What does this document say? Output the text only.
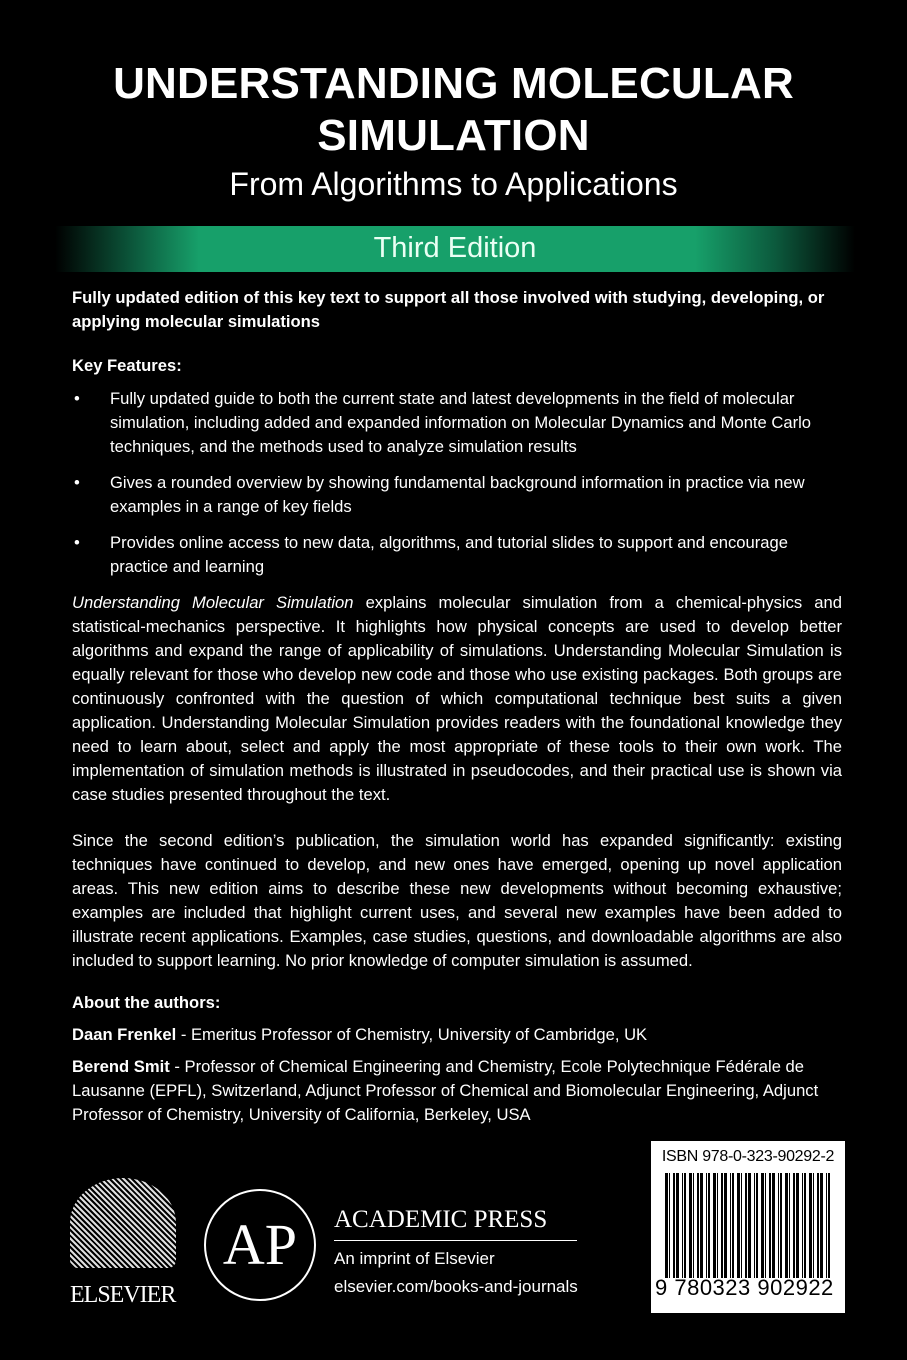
UNDERSTANDING MOLECULAR SIMULATION
From Algorithms to Applications
Third Edition

Fully updated edition of this key text to support all those involved with studying, developing, or applying molecular simulations

Key Features:

• Fully updated guide to both the current state and latest developments in the field of molecular simulation, including added and expanded information on Molecular Dynamics and Monte Carlo techniques, and the methods used to analyze simulation results
• Gives a rounded overview by showing fundamental background information in practice via new examples in a range of key fields
• Provides online access to new data, algorithms, and tutorial slides to support and encourage practice and learning

Understanding Molecular Simulation explains molecular simulation from a chemical-physics and statistical-mechanics perspective. It highlights how physical concepts are used to develop better algorithms and expand the range of applicability of simulations. Understanding Molecular Simulation is equally relevant for those who develop new code and those who use existing packages. Both groups are continuously confronted with the question of which computational technique best suits a given application. Understanding Molecular Simulation provides readers with the foundational knowledge they need to learn about, select and apply the most appropriate of these tools to their own work. The implementation of simulation methods is illustrated in pseudocodes, and their practical use is shown via case studies presented throughout the text.

Since the second edition’s publication, the simulation world has expanded significantly: existing techniques have continued to develop, and new ones have emerged, opening up novel application areas. This new edition aims to describe these new developments without becoming exhaustive; examples are included that highlight current uses, and several new examples have been added to illustrate recent applications. Examples, case studies, questions, and downloadable algorithms are also included to support learning. No prior knowledge of computer simulation is assumed.

About the authors:

Daan Frenkel - Emeritus Professor of Chemistry, University of Cambridge, UK

Berend Smit - Professor of Chemical Engineering and Chemistry, Ecole Polytechnique Fédérale de Lausanne (EPFL), Switzerland, Adjunct Professor of Chemical and Biomolecular Engineering, Adjunct Professor of Chemistry, University of California, Berkeley, USA

ELSEVIER
AP	ACADEMIC PRESS
An imprint of Elsevier
elsevier.com/books-and-journals
ISBN 978-0-323-90292-2
9 780323 902922
